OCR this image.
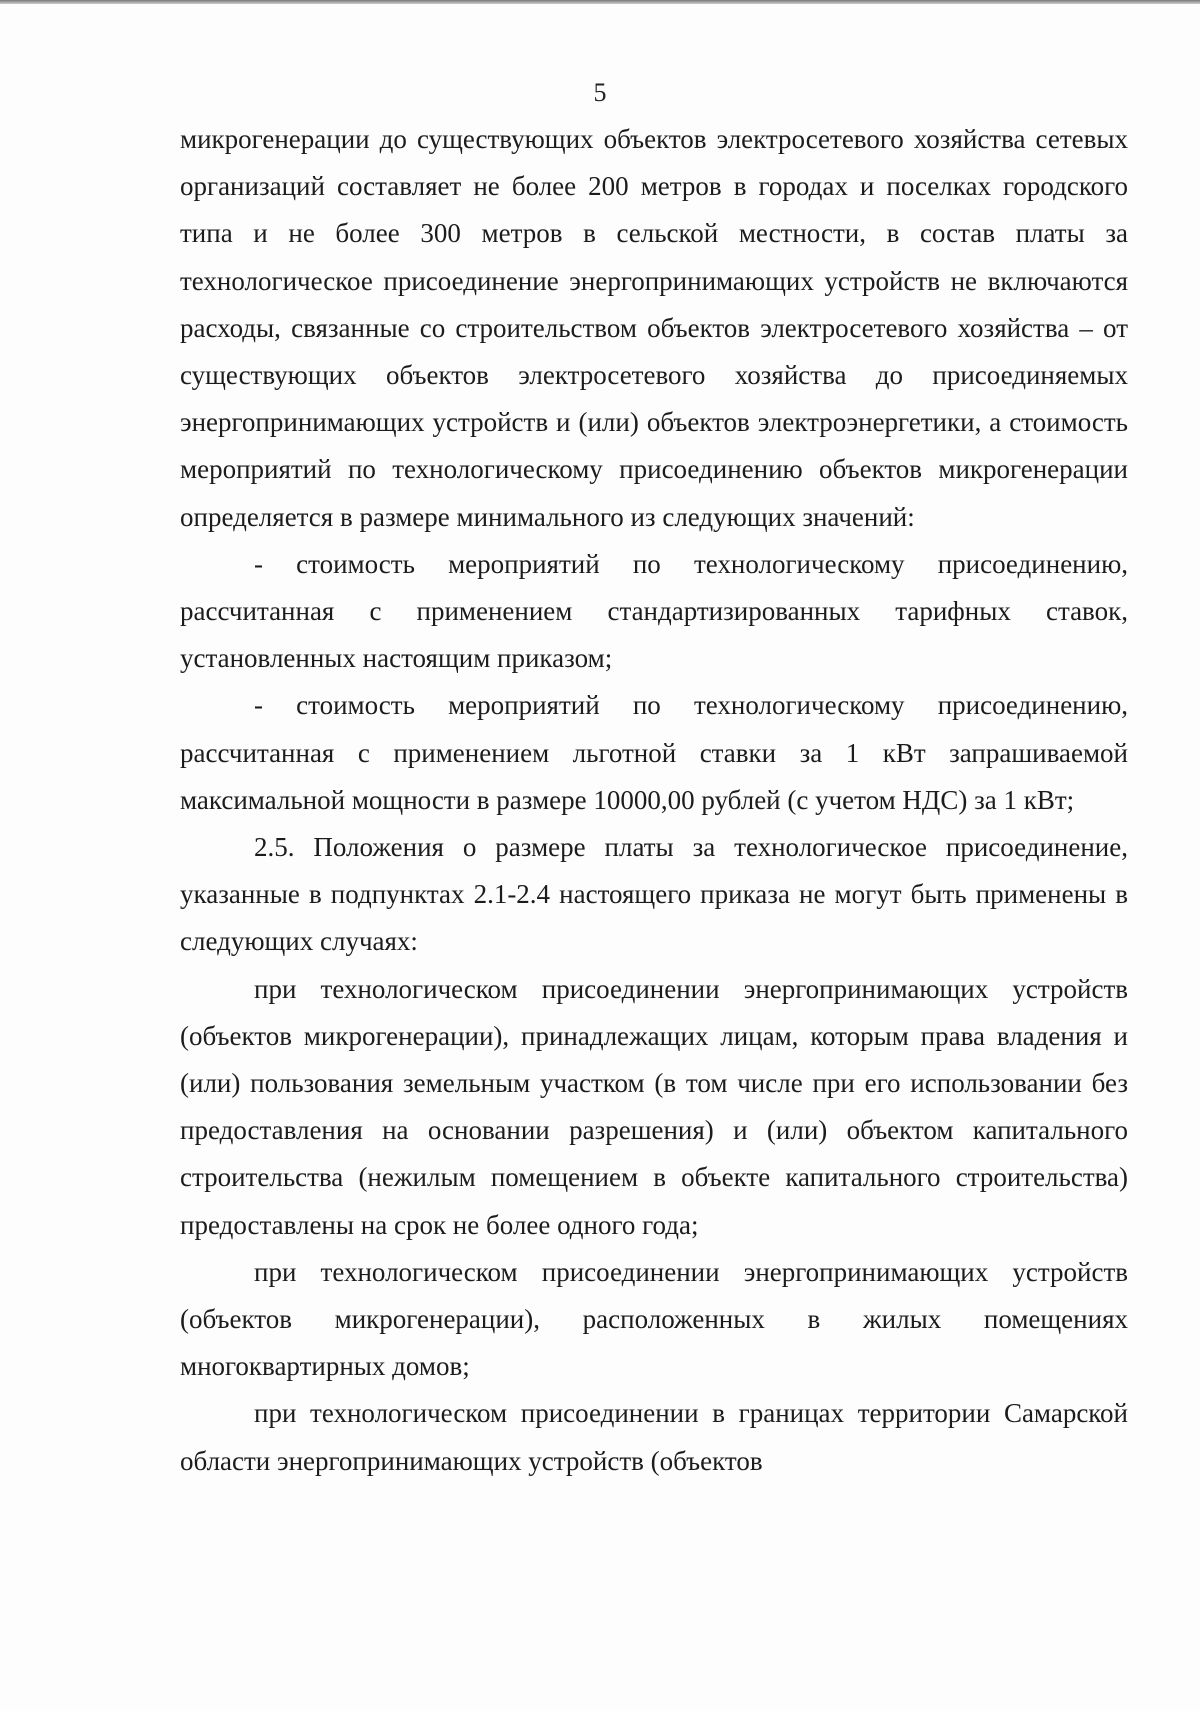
5

микрогенерации до существующих объектов электросетевого хозяйства сетевых организаций составляет не более 200 метров в городах и поселках городского типа и не более 300 метров в сельской местности, в состав платы за технологическое присоединение энергопринимающих устройств не включаются расходы, связанные со строительством объектов электросетевого хозяйства – от существующих объектов электросетевого хозяйства до присоединяемых энергопринимающих устройств и (или) объектов электроэнергетики, а стоимость мероприятий по технологическому присоединению объектов микрогенерации определяется в размере минимального из следующих значений:

- стоимость мероприятий по технологическому присоединению, рассчитанная с применением стандартизированных тарифных ставок, установленных настоящим приказом;

- стоимость мероприятий по технологическому присоединению, рассчитанная с применением льготной ставки за 1 кВт запрашиваемой максимальной мощности в размере 10000,00 рублей (с учетом НДС) за 1 кВт;

2.5. Положения о размере платы за технологическое присоединение, указанные в подпунктах 2.1-2.4 настоящего приказа не могут быть применены в следующих случаях:

при технологическом присоединении энергопринимающих устройств (объектов микрогенерации), принадлежащих лицам, которым права владения и (или) пользования земельным участком (в том числе при его использовании без предоставления на основании разрешения) и (или) объектом капитального строительства (нежилым помещением в объекте капитального строительства) предоставлены на срок не более одного года;

при технологическом присоединении энергопринимающих устройств (объектов микрогенерации), расположенных в жилых помещениях многоквартирных домов;

при технологическом присоединении в границах территории Самарской области энергопринимающих устройств (объектов
